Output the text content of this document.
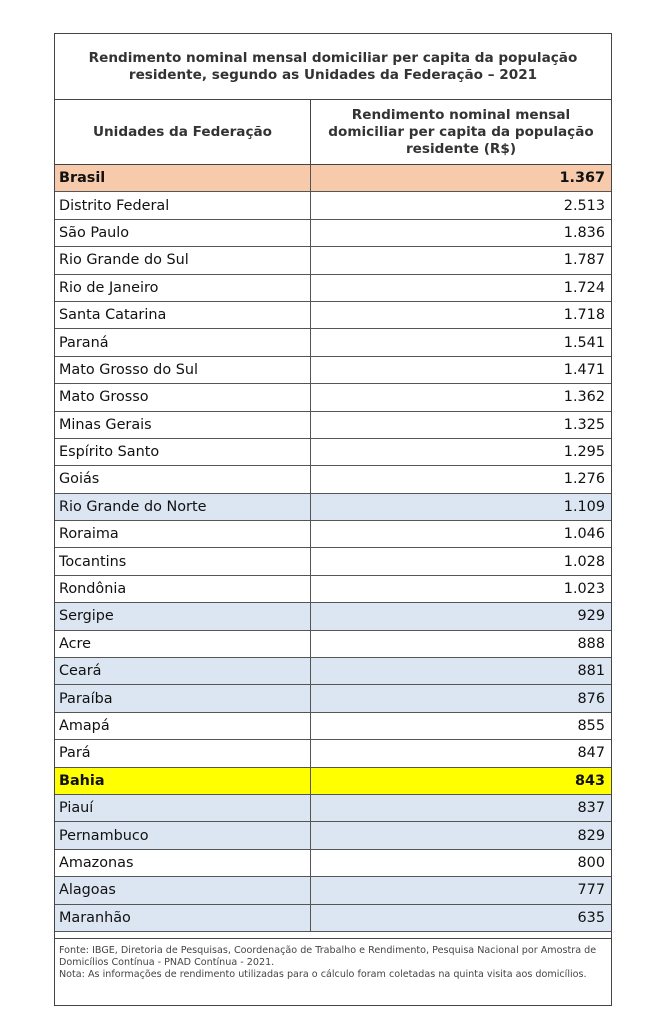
Rendimento nominal mensal domiciliar per capita da população residente, segundo as Unidades da Federação – 2021
Unidades da Federação
Rendimento nominal mensal domiciliar per capita da população residente (R$)
Brasil	1.367
Distrito Federal	2.513
São Paulo	1.836
Rio Grande do Sul	1.787
Rio de Janeiro	1.724
Santa Catarina	1.718
Paraná	1.541
Mato Grosso do Sul	1.471
Mato Grosso	1.362
Minas Gerais	1.325
Espírito Santo	1.295
Goiás	1.276
Rio Grande do Norte	1.109
Roraima	1.046
Tocantins	1.028
Rondônia	1.023
Sergipe	929
Acre	888
Ceará	881
Paraíba	876
Amapá	855
Pará	847
Bahia	843
Piauí	837
Pernambuco	829
Amazonas	800
Alagoas	777
Maranhão	635
Fonte: IBGE, Diretoria de Pesquisas, Coordenação de Trabalho e Rendimento, Pesquisa Nacional por Amostra de Domicílios Contínua - PNAD Contínua - 2021.
Nota: As informações de rendimento utilizadas para o cálculo foram coletadas na quinta visita aos domicílios.
